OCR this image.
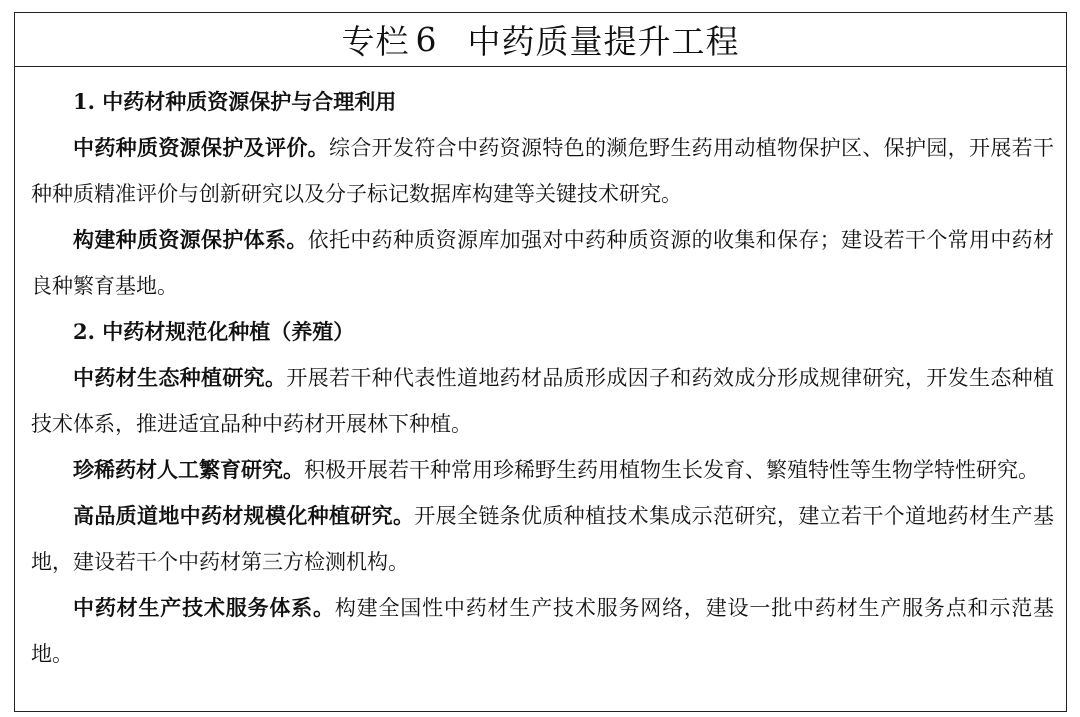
专栏 6 中药质量提升工程

1. 中药材种质资源保护与合理利用

中药种质资源保护及评价。综合开发符合中药资源特色的濒危野生药用动植物保护区、保护园，开展若干种种质精准评价与创新研究以及分子标记数据库构建等关键技术研究。

构建种质资源保护体系。依托中药种质资源库加强对中药种质资源的收集和保存；建设若干个常用中药材良种繁育基地。

2. 中药材规范化种植（养殖）

中药材生态种植研究。开展若干种代表性道地药材品质形成因子和药效成分形成规律研究，开发生态种植技术体系，推进适宜品种中药材开展林下种植。

珍稀药材人工繁育研究。积极开展若干种常用珍稀野生药用植物生长发育、繁殖特性等生物学特性研究。

高品质道地中药材规模化种植研究。开展全链条优质种植技术集成示范研究，建立若干个道地药材生产基地，建设若干个中药材第三方检测机构。

中药材生产技术服务体系。构建全国性中药材生产技术服务网络，建设一批中药材生产服务点和示范基地。
